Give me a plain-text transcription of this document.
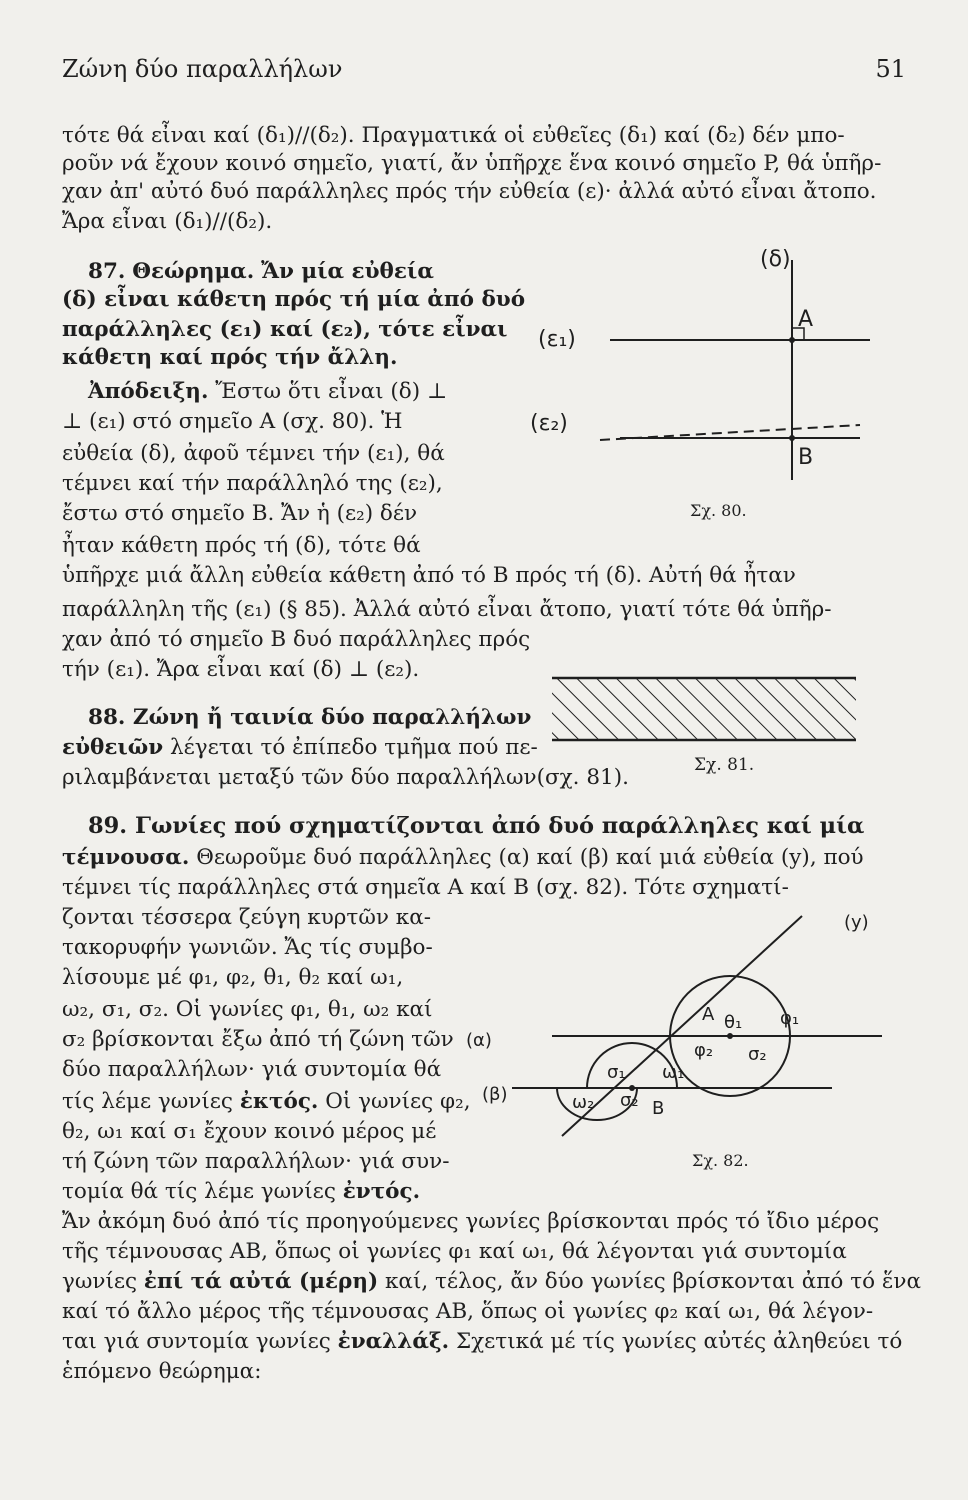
Ζώνη δύο παραλλήλων	51
τότε θά εἶναι καί (δ₁)//(δ₂). Πραγματικά οἱ εὐθεῖες (δ₁) καί (δ₂) δέν μπο-
ροῦν νά ἔχουν κοινό σημεῖο, γιατί, ἄν ὑπῆρχε ἕνα κοινό σημεῖο P, θά ὑπῆρ-
χαν ἀπ' αὐτό δυό παράλληλες πρός τήν εὐθεία (ε)· ἀλλά αὐτό εἶναι ἄτοπο.
Ἄρα εἶναι (δ₁)//(δ₂).
87. Θεώρημα. Ἄν μία εὐθεία
(δ) εἶναι κάθετη πρός τή μία ἀπό δυό
παράλληλες (ε₁) καί (ε₂), τότε εἶναι
κάθετη καί πρός τήν ἄλλη.
Ἀπόδειξη. Ἔστω ὅτι εἶναι (δ) ⊥
⊥ (ε₁) στό σημεῖο Α (σχ. 80). Ἡ
εὐθεία (δ), ἀφοῦ τέμνει τήν (ε₁), θά
τέμνει καί τήν παράλληλό της (ε₂),
ἔστω στό σημεῖο Β. Ἄν ἡ (ε₂) δέν
ἦταν κάθετη πρός τή (δ), τότε θά
ὑπῆρχε μιά ἄλλη εὐθεία κάθετη ἀπό τό Β πρός τή (δ). Αὐτή θά ἦταν
παράλληλη τῆς (ε₁) (§ 85). Ἀλλά αὐτό εἶναι ἄτοπο, γιατί τότε θά ὑπῆρ-
χαν ἀπό τό σημεῖο Β δυό παράλληλες πρός
τήν (ε₁). Ἄρα εἶναι καί (δ) ⊥ (ε₂).
88. Ζώνη ἤ ταινία δύο παραλλήλων
εὐθειῶν λέγεται τό ἐπίπεδο τμῆμα πού πε-
ριλαμβάνεται μεταξύ τῶν δύο παραλλήλων(σχ. 81).
89. Γωνίες πού σχηματίζονται ἀπό δυό παράλληλες καί μία
τέμνουσα. Θεωροῦμε δυό παράλληλες (α) καί (β) καί μιά εὐθεία (y), πού
τέμνει τίς παράλληλες στά σημεῖα Α καί Β (σχ. 82). Τότε σχηματί-
ζονται τέσσερα ζεύγη κυρτῶν κα-
τακορυφήν γωνιῶν. Ἄς τίς συμβο-
λίσουμε μέ φ₁, φ₂, θ₁, θ₂ καί ω₁,
ω₂, σ₁, σ₂. Οἱ γωνίες φ₁, θ₁, ω₂ καί
σ₂ βρίσκονται ἔξω ἀπό τή ζώνη τῶν
δύο παραλλήλων· γιά συντομία θά
τίς λέμε γωνίες ἐκτός. Οἱ γωνίες φ₂,
θ₂, ω₁ καί σ₁ ἔχουν κοινό μέρος μέ
τή ζώνη τῶν παραλλήλων· γιά συν-
τομία θά τίς λέμε γωνίες ἐντός.
Ἄν ἀκόμη δυό ἀπό τίς προηγούμενες γωνίες βρίσκονται πρός τό ἴδιο μέρος
τῆς τέμνουσας ΑΒ, ὅπως οἱ γωνίες φ₁ καί ω₁, θά λέγονται γιά συντομία
γωνίες ἐπί τά αὐτά (μέρη) καί, τέλος, ἄν δύο γωνίες βρίσκονται ἀπό τό ἕνα
καί τό ἄλλο μέρος τῆς τέμνουσας ΑΒ, ὅπως οἱ γωνίες φ₂ καί ω₁, θά λέγον-
ται γιά συντομία γωνίες ἐναλλάξ. Σχετικά μέ τίς γωνίες αὐτές ἀληθεύει τό
ἑπόμενο θεώρημα:
(δ)
(ε₁)
(ε₂)
A
B
Σχ. 80.
Σχ. 81.
(y)
A
B
(α)
(β)
θ₁ φ₁
φ₂ σ₂
σ₁ ω₁
ω₂ σ₂
Σχ. 82.
